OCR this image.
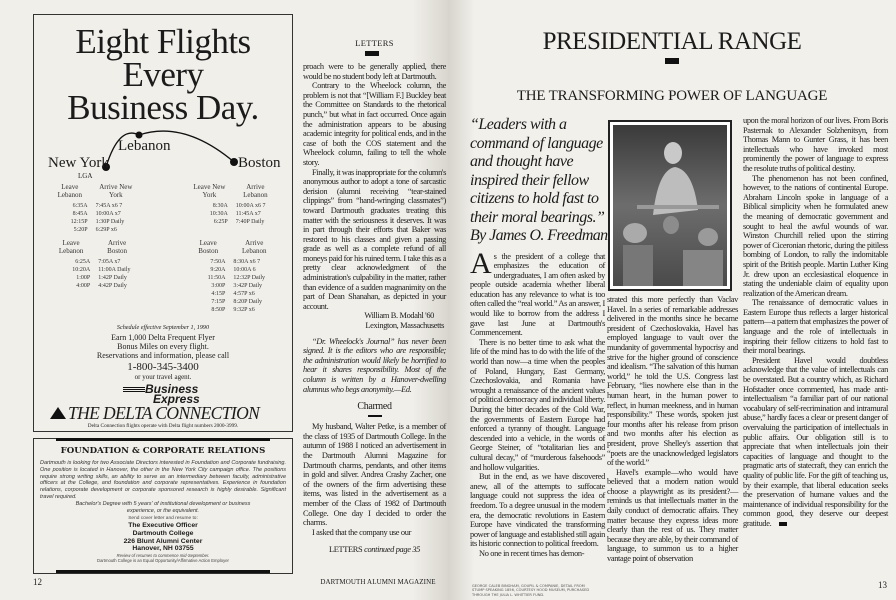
Eight Flights
Every
Business Day.
Lebanon
New York
LGA
Boston
Schedule effective September 1, 1990
Earn 1,000 Delta Frequent Flyer
Bonus Miles on every flight.
Reservations and information, please call
1-800-345-3400
or your travel agent.
Leave Lebanon	Arrive New York
6:35A	7:45A x6 7
8:45A	10:00A x7
12:15P	1:30P Daily
5:20P	6:29P x6
Leave New York	Arrive Lebanon
8:30A	10:00A x6 7
10:30A	11:45A x7
6:25P	7:40P Daily
Leave Lebanon	Arrive Boston
6:25A	7:05A x7
10:20A	11:00A Daily
1:00P	1:42P Daily
4:00P	4:42P Daily
Leave Boston	Arrive Lebanon
7:50A	8:30A x6 7
9:20A	10:00A 6
11:50A	12:32P Daily
3:00P	3:42P Daily
4:15P	4:57P x6
7:15P	8:20P Daily
8:50P	9:32P x6
Business
Express
THE DELTA CONNECTION
Delta Connection flights operate with Delta flight numbers 2000-3999.
FOUNDATION & CORPORATE RELATIONS
Dartmouth is looking for two Associate Directors interested in Foundation and Corporate fundraising. One position is located in Hanover, the other in the New York City campaign office. The positions require strong writing skills, an ability to serve as an intermediary between faculty, administrative officers at the College, and foundation and corporate representatives. Experience in foundation relations, corporate development or corporate sponsored research is highly desirable. Significant travel required.
Bachelor's Degree with 5 years' of institutional development or business experience, or the equivalent.
Send cover letter and resume to:
The Executive Officer
Dartmouth College
226 Blunt Alumni Center
Hanover, NH 03755
Review of resumes to commence mid-September.
Dartmouth College is an Equal Opportunity/Affirmative Action Employer
12
LETTERS

proach were to be generally applied, there would be no student body left at Dartmouth.

Contrary to the Wheelock column, the problem is not that “[William F.] Buckley beat the Committee on Standards to the rhetorical punch,” but what in fact occurred. Once again the administration appears to be abusing academic integrity for political ends, and in the case of both the COS statement and the Wheelock column, failing to tell the whole story.

Finally, it was inappropriate for the column's anonymous author to adopt a tone of sarcastic derision (alumni receiving “tear-stained clippings” from “hand-wringing classmates”) toward Dartmouth graduates treating this matter with the seriousness it deserves. It was in part through their efforts that Baker was restored to his classes and given a passing grade as well as a complete refund of all moneys paid for his ruined term. I take this as a pretty clear acknowledgment of the administration's culpability in the matter, rather than evidence of a sudden magnanimity on the part of Dean Shanahan, as depicted in your account.

William B. Modahl '60
Lexington, Massachusetts

“Dr. Wheelock's Journal” has never been signed. It is the editors who are responsible; the administration would likely be horrified to hear it shares responsibility. Most of the column is written by a Hanover-dwelling alumnus who begs anonymity.—Ed.

Charmed

My husband, Walter Petke, is a member of the class of 1935 of Dartmouth College. In the autumn of 1988 I noticed an advertisement in the Dartmouth Alumni Magazine for Dartmouth charms, pendants, and other items in gold and silver. Andrea Crashy Zacher, one of the owners of the firm advertising these items, was listed in the advertisement as a member of the Class of 1982 of Dartmouth College. One day I decided to order the charms.

I asked that the company use our

LETTERS continued page 35
DARTMOUTH ALUMNI MAGAZINE
PRESIDENTIAL RANGE
THE TRANSFORMING POWER OF LANGUAGE
“Leaders with a command of language and thought have inspired their fellow citizens to hold fast to their moral bearings.”
By James O. Freedman

As the president of a college that emphasizes the education of undergraduates, I am often asked by people outside academia whether liberal education has any relevance to what is too often called the “real world.” As an answer, I would like to borrow from the address I gave last June at Dartmouth's Commencement.

There is no better time to ask what the life of the mind has to do with the life of the world than now—a time when the peoples of Poland, Hungary, East Germany, Czechoslovakia, and Romania have wrought a renaissance of the ancient values of political democracy and individual liberty. During the bitter decades of the Cold War, the governments of Eastern Europe had enforced a tyranny of thought. Language descended into a vehicle, in the words of George Steiner, of “totalitarian lies and cultural decay,” of “murderous falsehoods” and hollow vulgarities.

But in the end, as we have discovered anew, all of the attempts to suffocate language could not suppress the idea of freedom. To a degree unusual in the modern era, the democratic revolutions in Eastern Europe have vindicated the transforming power of language and established still again its historic connection to political freedom.

No one in recent times has demon-

strated this more perfectly than Vaclav Havel. In a series of remarkable addresses delivered in the months since he became president of Czechoslovakia, Havel has employed language to vault over the mundanity of governmental hypocrisy and strive for the higher ground of conscience and idealism. “The salvation of this human world,” he told the U.S. Congress last February, “lies nowhere else than in the human heart, in the human power to reflect, in human meekness, and in human responsibility.” These words, spoken just four months after his release from prison and two months after his election as president, prove Shelley's assertion that “poets are the unacknowledged legislators of the world.”

Havel's example—who would have believed that a modern nation would choose a playwright as its president?—reminds us that intellectuals matter in the daily conduct of democratic affairs. They matter because they express ideas more clearly than the rest of us. They matter because they are able, by their command of language, to summon us to a higher vantage point of observation

upon the moral horizon of our lives. From Boris Pasternak to Alexander Solzhenitsyn, from Thomas Mann to Gunter Grass, it has been intellectuals who have invoked most prominently the power of language to express the resolute truths of political destiny.

The phenomenon has not been confined, however, to the nations of continental Europe. Abraham Lincoln spoke in language of a Biblical simplicity when he formulated anew the meaning of democratic government and sought to heal the awful wounds of war. Winston Churchill relied upon the stirring power of Ciceronian rhetoric, during the pitiless bombing of London, to rally the indomitable spirit of the British people. Martin Luther King Jr. drew upon an ecclesiastical eloquence in stating the undeniable claim of equality upon realization of the American dream.

The renaissance of democratic values in Eastern Europe thus reflects a larger historical pattern—a pattern that emphasizes the power of language and the role of intellectuals in inspiring their fellow citizens to hold fast to their moral bearings.

President Havel would doubtless acknowledge that the value of intellectuals can be overstated. But a country which, as Richard Hofstadter once commented, has made anti-intellectualism “a familiar part of our national vocabulary of self-recrimination and intramural abuse,” hardly faces a clear or present danger of overvaluing the participation of intellectuals in public affairs. Our obligation still is to appreciate that when intellectuals join their capacities of language and thought to the pragmatic arts of statecraft, they can enrich the quality of public life. For the gift of teaching us, by their example, that liberal education seeks the preservation of humane values and the maintenance of individual responsibility for the common good, they deserve our deepest gratitude.

GEORGE CALEB BINGHAM, GOUPIL & COMPANIE, DETAIL FROM STUMP SPEAKING 1856, COURTESY HOOD MUSEUM, PURCHASED THROUGH THE JULIA L. WHITTIER FUND.
13
